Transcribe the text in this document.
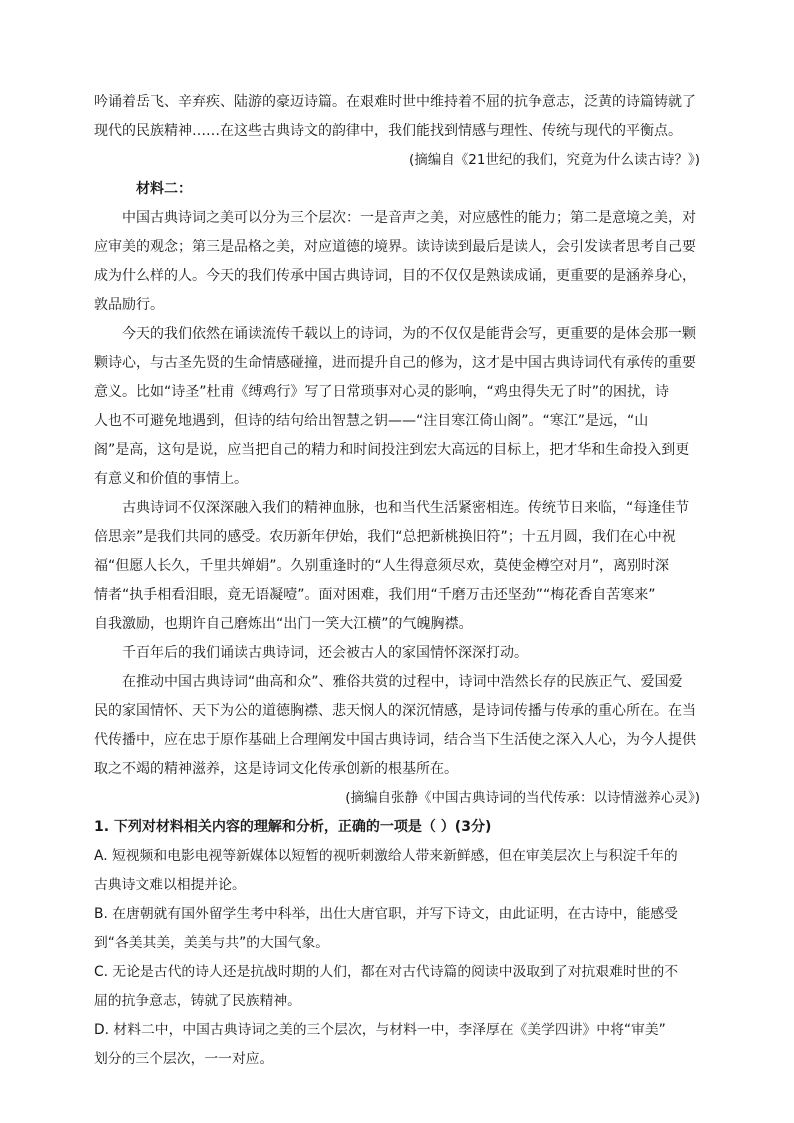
吟诵着岳飞、辛弃疾、陆游的豪迈诗篇。在艰难时世中维持着不屈的抗争意志，泛黄的诗篇铸就了
现代的民族精神……在这些古典诗文的韵律中，我们能找到情感与理性、传统与现代的平衡点。
(摘编自《21世纪的我们，究竟为什么读古诗？》)
材料二：
中国古典诗词之美可以分为三个层次：一是音声之美，对应感性的能力；第二是意境之美，对
应审美的观念；第三是品格之美，对应道德的境界。读诗读到最后是读人，会引发读者思考自己要
成为什么样的人。今天的我们传承中国古典诗词，目的不仅仅是熟读成诵，更重要的是涵养身心，
敦品励行。
今天的我们依然在诵读流传千载以上的诗词，为的不仅仅是能背会写，更重要的是体会那一颗
颗诗心，与古圣先贤的生命情感碰撞，进而提升自己的修为，这才是中国古典诗词代有承传的重要
意义。比如“诗圣”杜甫《缚鸡行》写了日常琐事对心灵的影响，“鸡虫得失无了时”的困扰，诗
人也不可避免地遇到，但诗的结句给出智慧之钥——“注目寒江倚山阁”。“寒江”是远，“山
阁”是高，这句是说，应当把自己的精力和时间投注到宏大高远的目标上，把才华和生命投入到更
有意义和价值的事情上。
古典诗词不仅深深融入我们的精神血脉，也和当代生活紧密相连。传统节日来临，“每逢佳节
倍思亲”是我们共同的感受。农历新年伊始，我们“总把新桃换旧符”；十五月圆，我们在心中祝
福“但愿人长久，千里共婵娟”。久别重逢时的“人生得意须尽欢，莫使金樽空对月”，离别时深
情者“执手相看泪眼，竟无语凝噎”。面对困难，我们用“千磨万击还坚劲”“梅花香自苦寒来”
自我激励，也期许自己磨炼出“出门一笑大江横”的气魄胸襟。
千百年后的我们诵读古典诗词，还会被古人的家国情怀深深打动。
在推动中国古典诗词“曲高和众”、雅俗共赏的过程中，诗词中浩然长存的民族正气、爱国爱
民的家国情怀、天下为公的道德胸襟、悲天悯人的深沉情感，是诗词传播与传承的重心所在。在当
代传播中，应在忠于原作基础上合理阐发中国古典诗词，结合当下生活使之深入人心，为今人提供
取之不竭的精神滋养，这是诗词文化传承创新的根基所在。
(摘编自张静《中国古典诗词的当代传承：以诗情滋养心灵》)
1. 下列对材料相关内容的理解和分析，正确的一项是（ ）(3分)
A. 短视频和电影电视等新媒体以短暂的视听刺激给人带来新鲜感，但在审美层次上与积淀千年的
古典诗文难以相提并论。
B. 在唐朝就有国外留学生考中科举，出仕大唐官职，并写下诗文，由此证明，在古诗中，能感受
到“各美其美，美美与共”的大国气象。
C. 无论是古代的诗人还是抗战时期的人们，都在对古代诗篇的阅读中汲取到了对抗艰难时世的不
屈的抗争意志，铸就了民族精神。
D. 材料二中，中国古典诗词之美的三个层次，与材料一中，李泽厚在《美学四讲》中将“审美”
划分的三个层次，一一对应。
